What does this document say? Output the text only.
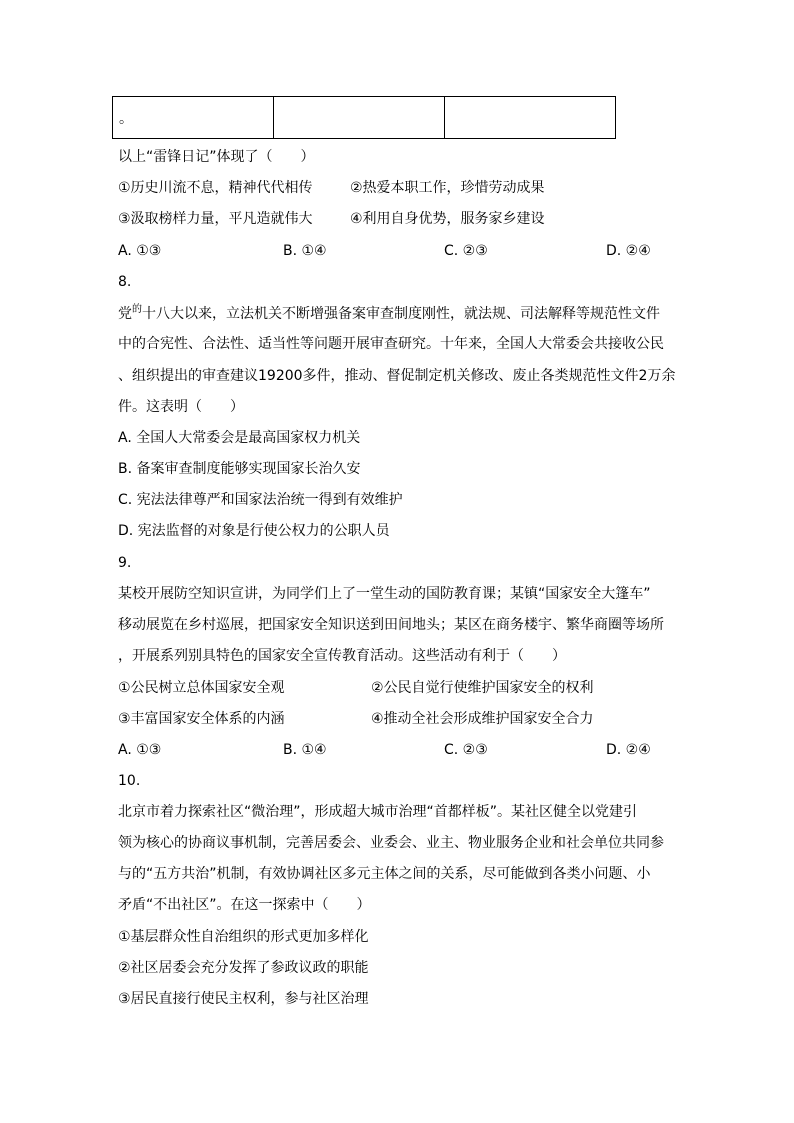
。		
以上“雷锋日记”体现了（　　）
①历史川流不息，精神代代相传	②热爱本职工作，珍惜劳动成果
③汲取榜样力量，平凡造就伟大	④利用自身优势，服务家乡建设
A. ①③	B. ①④	C. ②③	D. ②④
8.
党$^的$十八大以来，立法机关不断增强备案审查制度刚性，就法规、司法解释等规范性文件
中的合宪性、合法性、适当性等问题开展审查研究。十年来，全国人大常委会共接收公民
、组织提出的审查建议19200多件，推动、督促制定机关修改、废止各类规范性文件2万余
件。这表明（　　）
A. 全国人大常委会是最高国家权力机关
B. 备案审查制度能够实现国家长治久安
C. 宪法法律尊严和国家法治统一得到有效维护
D. 宪法监督的对象是行使公权力的公职人员
9.
某校开展防空知识宣讲，为同学们上了一堂生动的国防教育课；某镇“国家安全大篷车”
移动展览在乡村巡展，把国家安全知识送到田间地头；某区在商务楼宇、繁华商圈等场所
，开展系列别具特色的国家安全宣传教育活动。这些活动有利于（　　）
①公民树立总体国家安全观	②公民自觉行使维护国家安全的权利
③丰富国家安全体系的内涵	④推动全社会形成维护国家安全合力
A. ①③	B. ①④	C. ②③	D. ②④
10.
北京市着力探索社区“微治理”，形成超大城市治理“首都样板”。某社区健全以党建引
领为核心的协商议事机制，完善居委会、业委会、业主、物业服务企业和社会单位共同参
与的“五方共治”机制，有效协调社区多元主体之间的关系，尽可能做到各类小问题、小
矛盾“不出社区”。在这一探索中（　　）
①基层群众性自治组织的形式更加多样化
②社区居委会充分发挥了参政议政的职能
③居民直接行使民主权利，参与社区治理
